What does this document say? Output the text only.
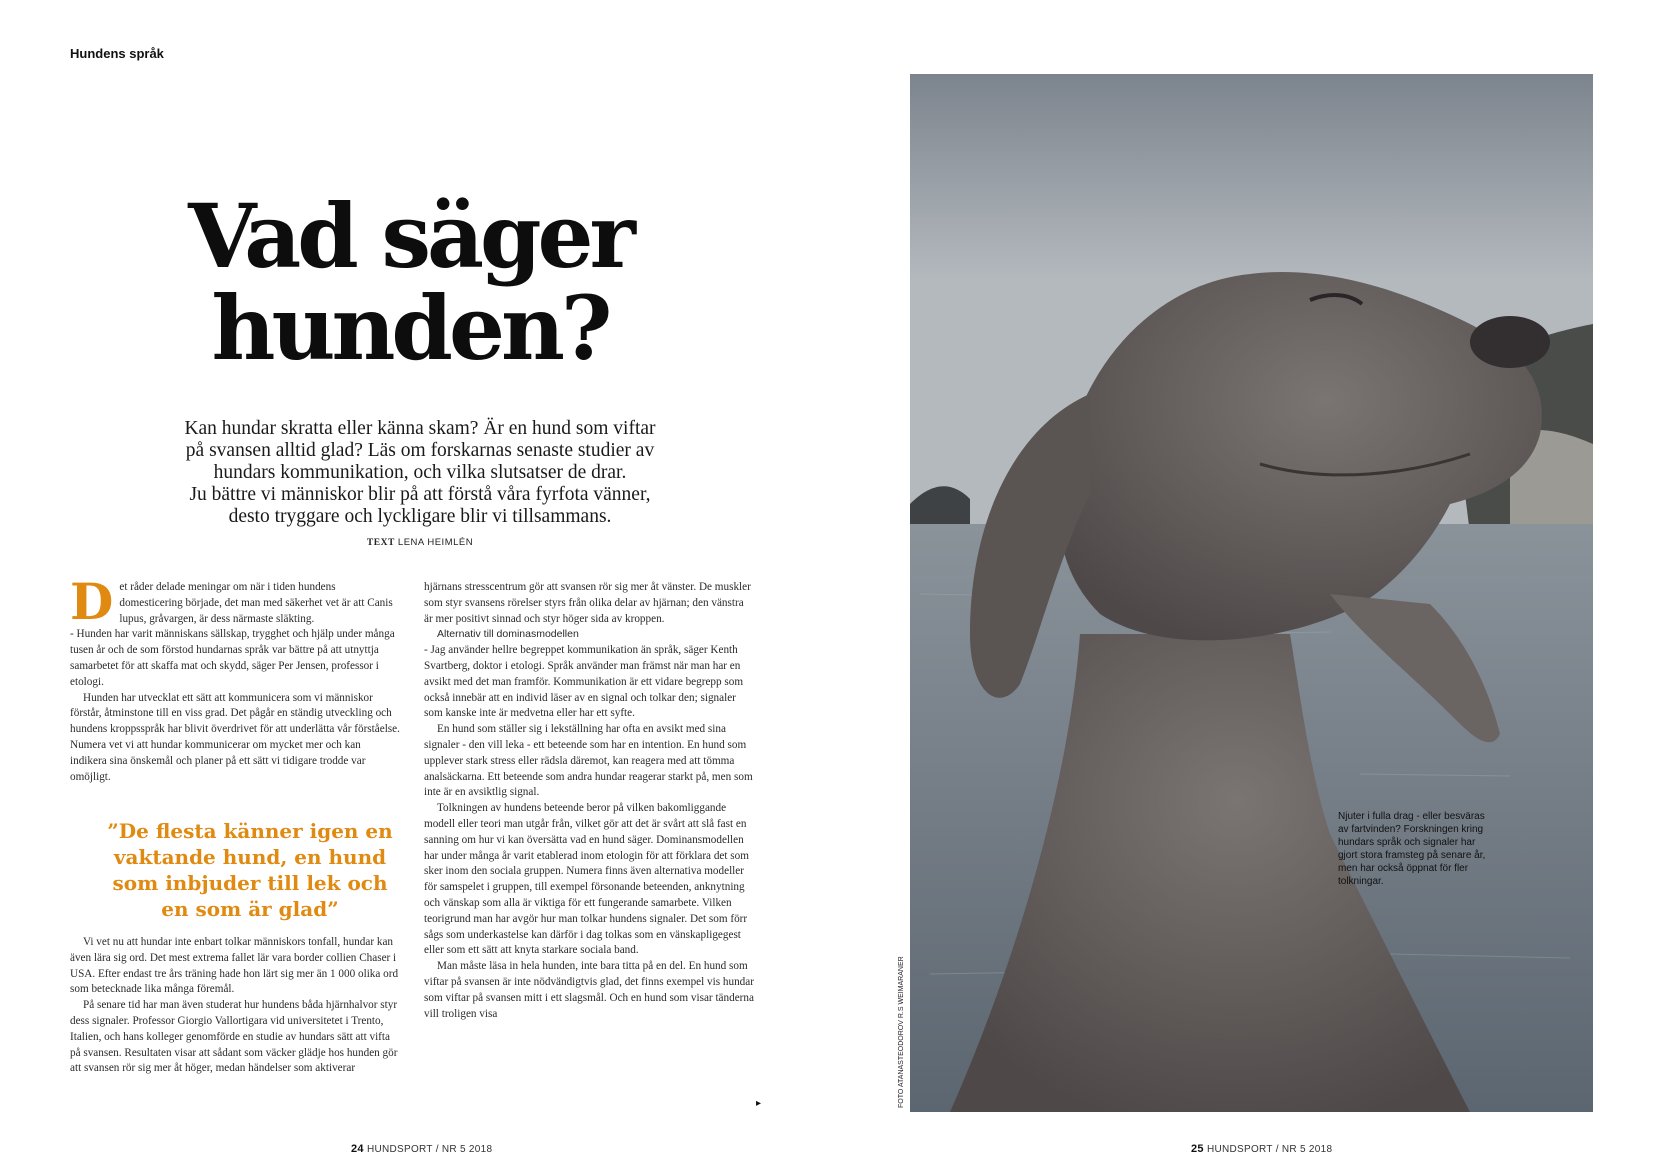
Hundens språk
Vad säger
hunden?
Kan hundar skratta eller känna skam? Är en hund som viftar
på svansen alltid glad? Läs om forskarnas senaste studier av
hundars kommunikation, och vilka slutsatser de drar.
Ju bättre vi människor blir på att förstå våra fyrfota vänner,
desto tryggare och lyckligare blir vi tillsammans.
TEXT LENA HEIMLÉN

Det råder delade meningar om när i tiden hundens domesticering började, det man med säkerhet vet är att Canis lupus, gråvargen, är dess närmaste släkting.

- Hunden har varit människans sällskap, trygghet och hjälp under många tusen år och de som förstod hundarnas språk var bättre på att utnyttja samarbetet för att skaffa mat och skydd, säger Per Jensen, professor i etologi.

Hunden har utvecklat ett sätt att kommunicera som vi människor förstår, åtminstone till en viss grad. Det pågår en ständig utveckling och hundens kroppsspråk har blivit överdrivet för att underlätta vår förståelse. Numera vet vi att hundar kommunicerar om mycket mer och kan indikera sina önskemål och planer på ett sätt vi tidigare trodde var omöjligt.

”De flesta känner igen en vaktande hund, en hund som inbjuder till lek och en som är glad”

Vi vet nu att hundar inte enbart tolkar människors tonfall, hundar kan även lära sig ord. Det mest extrema fallet lär vara border collien Chaser i USA. Efter endast tre års träning hade hon lärt sig mer än 1 000 olika ord som betecknade lika många föremål.

På senare tid har man även studerat hur hundens båda hjärnhalvor styr dess signaler. Professor Giorgio Vallortigara vid universitetet i Trento, Italien, och hans kolleger genomförde en studie av hundars sätt att vifta på svansen. Resultaten visar att sådant som väcker glädje hos hunden gör att svansen rör sig mer åt höger, medan händelser som aktiverar

hjärnans stresscentrum gör att svansen rör sig mer åt vänster. De muskler som styr svansens rörelser styrs från olika delar av hjärnan; den vänstra är mer positivt sinnad och styr höger sida av kroppen.

Alternativ till dominasmodellen

- Jag använder hellre begreppet kommunikation än språk, säger Kenth Svartberg, doktor i etologi. Språk använder man främst när man har en avsikt med det man framför. Kommunikation är ett vidare begrepp som också innebär att en individ läser av en signal och tolkar den; signaler som kanske inte är medvetna eller har ett syfte.

En hund som ställer sig i lekställning har ofta en avsikt med sina signaler - den vill leka - ett beteende som har en intention. En hund som upplever stark stress eller rädsla däremot, kan reagera med att tömma analsäckarna. Ett beteende som andra hundar reagerar starkt på, men som inte är en avsiktlig signal.

Tolkningen av hundens beteende beror på vilken bakomliggande modell eller teori man utgår från, vilket gör att det är svårt att slå fast en sanning om hur vi kan översätta vad en hund säger. Dominansmodellen har under många år varit etablerad inom etologin för att förklara det som sker inom den sociala gruppen. Numera finns även alternativa modeller för samspelet i gruppen, till exempel försonande beteenden, anknytning och vänskap som alla är viktiga för ett fungerande samarbete. Vilken teorigrund man har avgör hur man tolkar hundens signaler. Det som förr sågs som underkastelse kan därför i dag tolkas som en vänskapligegest eller som ett sätt att knyta starkare sociala band.

Man måste läsa in hela hunden, inte bara titta på en del. En hund som viftar på svansen är inte nödvändigtvis glad, det finns exempel vis hundar som viftar på svansen mitt i ett slagsmål. Och en hund som visar tänderna vill troligen visa

▸
24 HUNDSPORT / NR 5 2018
FOTO ATANASTEODOROV R.S WEIMARANER
Njuter i fulla drag - eller besväras av fartvinden? Forskningen kring hundars språk och signaler har gjort stora framsteg på senare år, men har också öppnat för fler tolkningar.
25 HUNDSPORT / NR 5 2018
